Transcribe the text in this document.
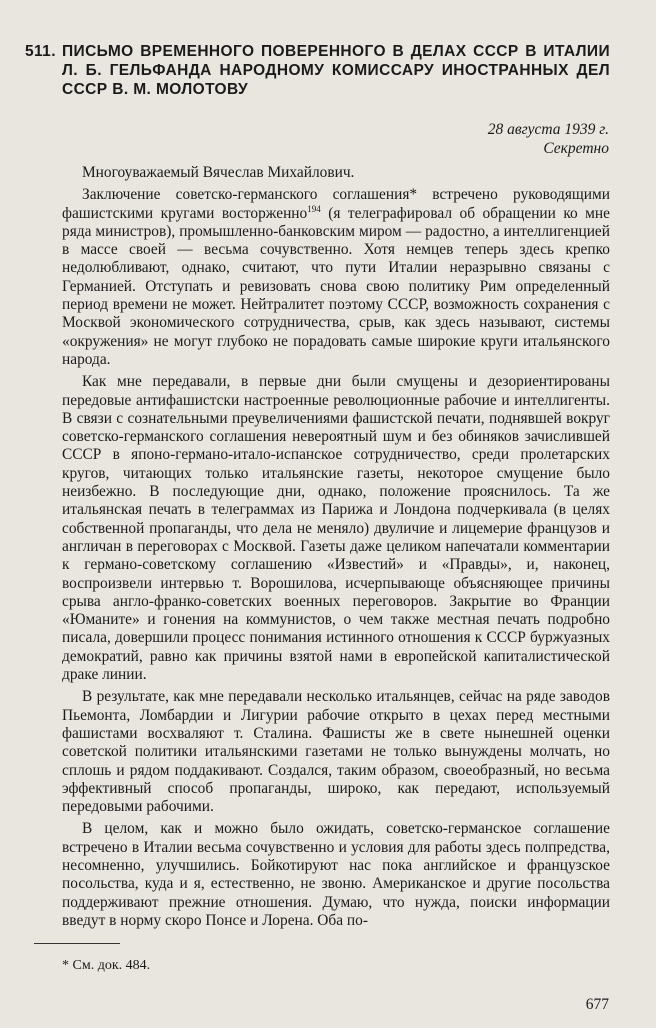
511. ПИСЬМО ВРЕМЕННОГО ПОВЕРЕННОГО В ДЕЛАХ СССР В ИТАЛИИ Л. Б. ГЕЛЬФАНДА НАРОДНОМУ КОМИССАРУ ИНОСТРАННЫХ ДЕЛ СССР В. М. МОЛОТОВУ
28 августа 1939 г.
Секретно

Многоуважаемый Вячеслав Михайлович.

Заключение советско-германского соглашения* встречено руководящими фашистскими кругами восторженно$^{194}$ (я телеграфировал об обращении ко мне ряда министров), промышленно-банковским миром — радостно, а интеллигенцией в массе своей — весьма сочувственно. Хотя немцев теперь здесь крепко недолюбливают, однако, считают, что пути Италии неразрывно связаны с Германией. Отступать и ревизовать снова свою политику Рим определенный период времени не может. Нейтралитет поэтому СССР, возможность сохранения с Москвой экономического сотрудничества, срыв, как здесь называют, системы «окружения» не могут глубоко не порадовать самые широкие круги итальянского народа.

Как мне передавали, в первые дни были смущены и дезориентированы передовые антифашистски настроенные революционные рабочие и интеллигенты. В связи с сознательными преувеличениями фашистской печати, поднявшей вокруг советско-германского соглашения невероятный шум и без обиняков зачислившей СССР в японо-германо-итало-испанское сотрудничество, среди пролетарских кругов, читающих только итальянские газеты, некоторое смущение было неизбежно. В последующие дни, однако, положение прояснилось. Та же итальянская печать в телеграммах из Парижа и Лондона подчеркивала (в целях собственной пропаганды, что дела не меняло) двуличие и лицемерие французов и англичан в переговорах с Москвой. Газеты даже целиком напечатали комментарии к германо-советскому соглашению «Известий» и «Правды», и, наконец, воспроизвели интервью т. Ворошилова, исчерпывающе объясняющее причины срыва англо-франко-советских военных переговоров. Закрытие во Франции «Юманите» и гонения на коммунистов, о чем также местная печать подробно писала, довершили процесс понимания истинного отношения к СССР буржуазных демократий, равно как причины взятой нами в европейской капиталистической драке линии.

В результате, как мне передавали несколько итальянцев, сейчас на ряде заводов Пьемонта, Ломбардии и Лигурии рабочие открыто в цехах перед местными фашистами восхваляют т. Сталина. Фашисты же в свете нынешней оценки советской политики итальянскими газетами не только вынуждены молчать, но сплошь и рядом поддакивают. Создался, таким образом, своеобразный, но весьма эффективный способ пропаганды, широко, как передают, используемый передовыми рабочими.

В целом, как и можно было ожидать, советско-германское соглашение встречено в Италии весьма сочувственно и условия для работы здесь полпредства, несомненно, улучшились. Бойкотируют нас пока английское и французское посольства, куда и я, естественно, не звоню. Американское и другие посольства поддерживают прежние отношения. Думаю, что нужда, поиски информации введут в норму скоро Понсе и Лорена. Оба по-

* См. док. 484.
677
